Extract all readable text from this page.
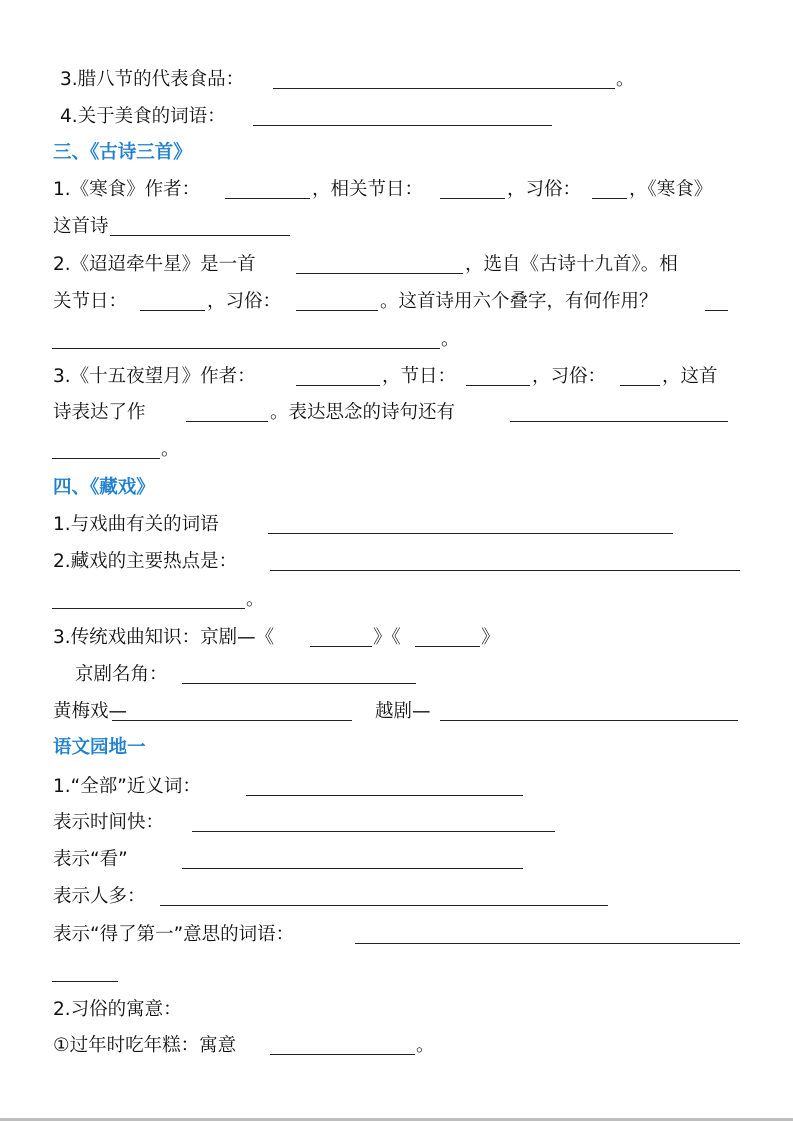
3.腊八节的代表食品：	。
4.关于美食的词语：
三、《古诗三首》
1.《寒食》作者：	，相关节日：	，习俗：	，《寒食》
这首诗
2.《迢迢牵牛星》是一首	，选自《古诗十九首》。相
关节日：	，习俗：	。这首诗用六个叠字，有何作用？
。
3.《十五夜望月》作者：	，节日：	，习俗：	，这首
诗表达了作	。表达思念的诗句还有
。
四、《藏戏》
1.与戏曲有关的词语
2.藏戏的主要热点是：
。
3.传统戏曲知识：京剧—《	》《	》
京剧名角：
黄梅戏—	越剧—
语文园地一
1.“全部”近义词：
表示时间快：
表示“看”
表示人多：
表示“得了第一”意思的词语：
2.习俗的寓意：
①过年时吃年糕：寓意	。
